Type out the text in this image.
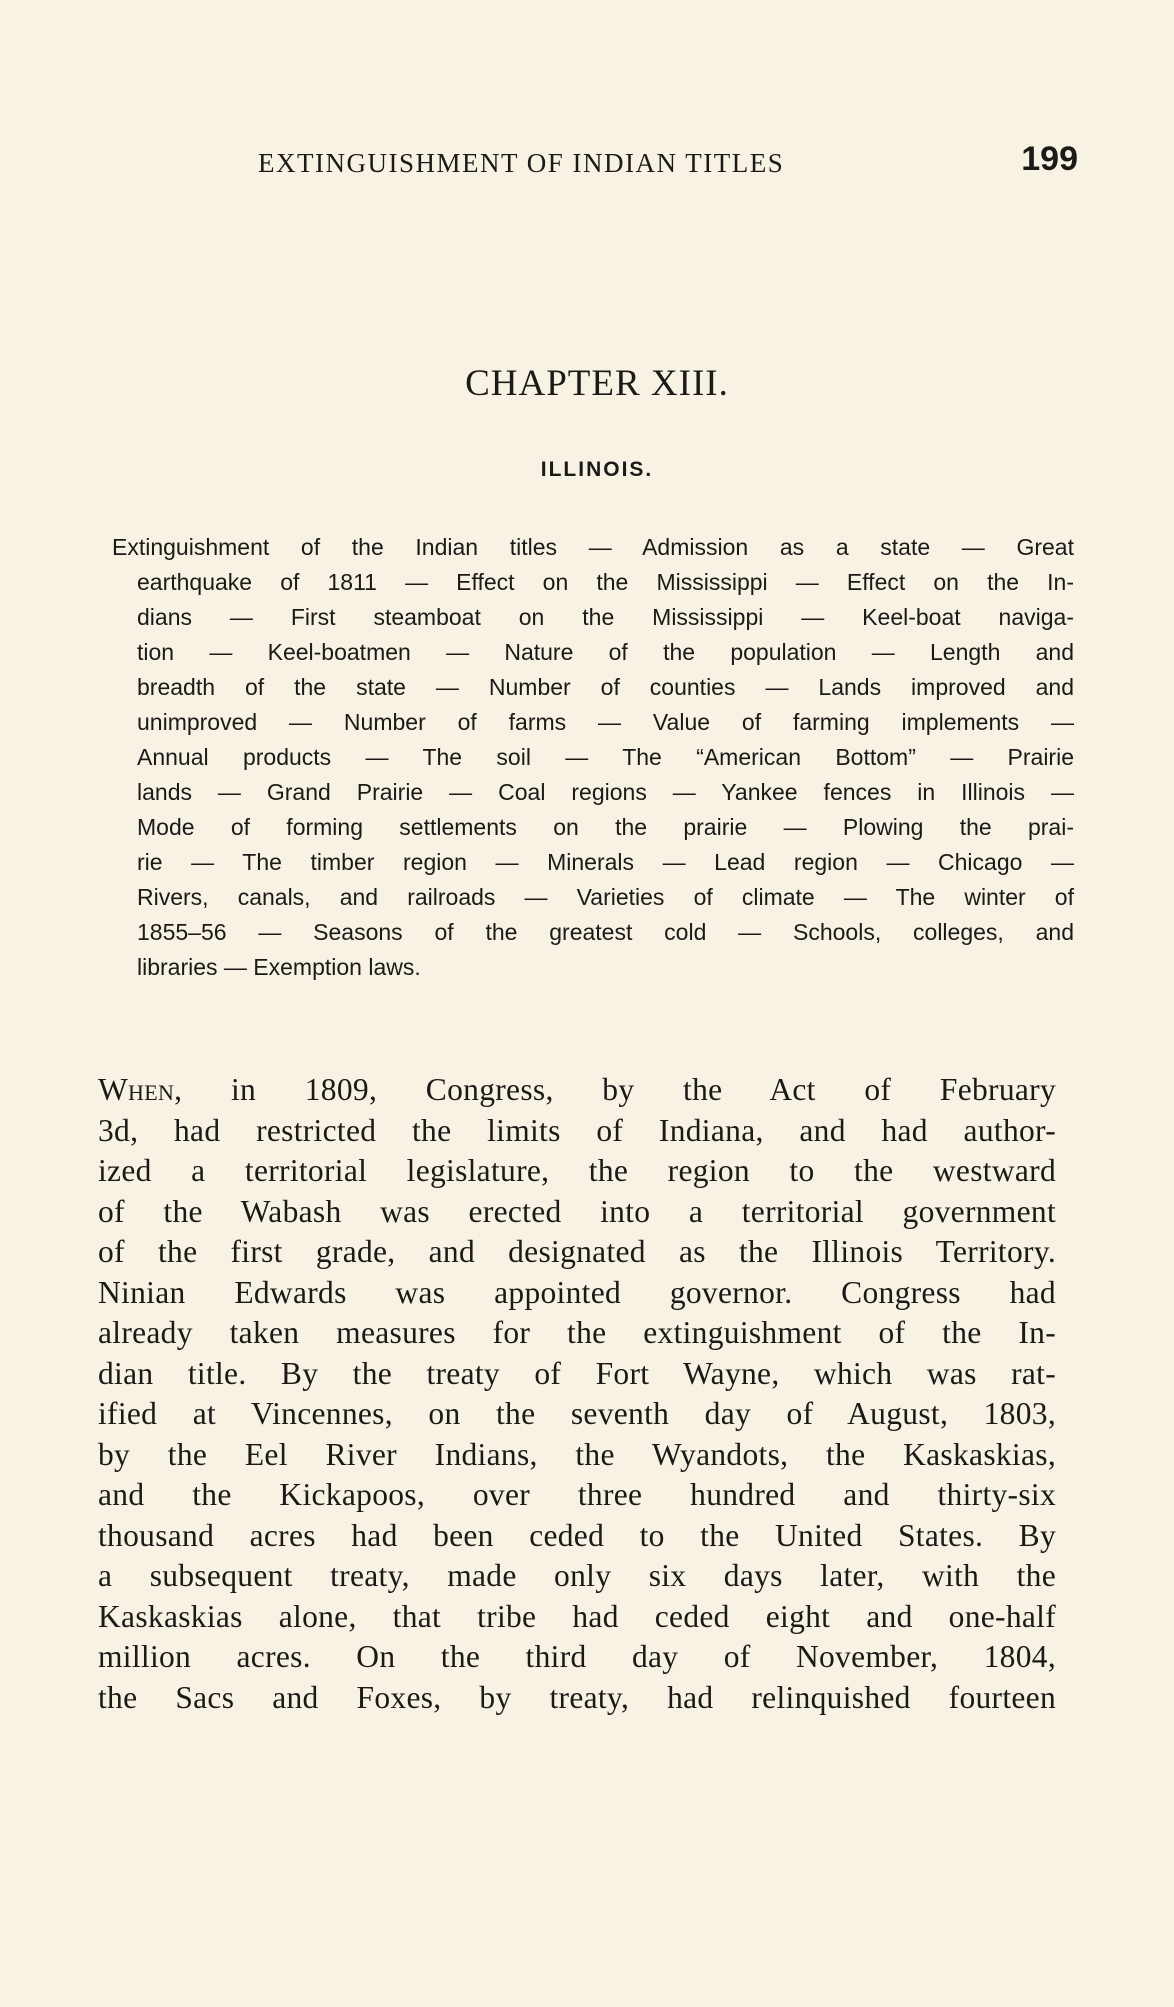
EXTINGUISHMENT OF INDIAN TITLES	199
CHAPTER XIII.
ILLINOIS.
Extinguishment of the Indian titles — Admission as a state — Great
earthquake of 1811 — Effect on the Mississippi — Effect on the In-
dians — First steamboat on the Mississippi — Keel-boat naviga-
tion — Keel-boatmen — Nature of the population — Length and
breadth of the state — Number of counties — Lands improved and
unimproved — Number of farms — Value of farming implements —
Annual products — The soil — The “American Bottom” — Prairie
lands — Grand Prairie — Coal regions — Yankee fences in Illinois —
Mode of forming settlements on the prairie — Plowing the prai-
rie — The timber region — Minerals — Lead region — Chicago —
Rivers, canals, and railroads — Varieties of climate — The winter of
1855–56 — Seasons of the greatest cold — Schools, colleges, and
libraries — Exemption laws.
When, in 1809, Congress, by the Act of February
3d, had restricted the limits of Indiana, and had author-
ized a territorial legislature, the region to the westward
of the Wabash was erected into a territorial government
of the first grade, and designated as the Illinois Territory.
Ninian Edwards was appointed governor. Congress had
already taken measures for the extinguishment of the In-
dian title. By the treaty of Fort Wayne, which was rat-
ified at Vincennes, on the seventh day of August, 1803,
by the Eel River Indians, the Wyandots, the Kaskaskias,
and the Kickapoos, over three hundred and thirty-six
thousand acres had been ceded to the United States. By
a subsequent treaty, made only six days later, with the
Kaskaskias alone, that tribe had ceded eight and one-half
million acres. On the third day of November, 1804,
the Sacs and Foxes, by treaty, had relinquished fourteen
